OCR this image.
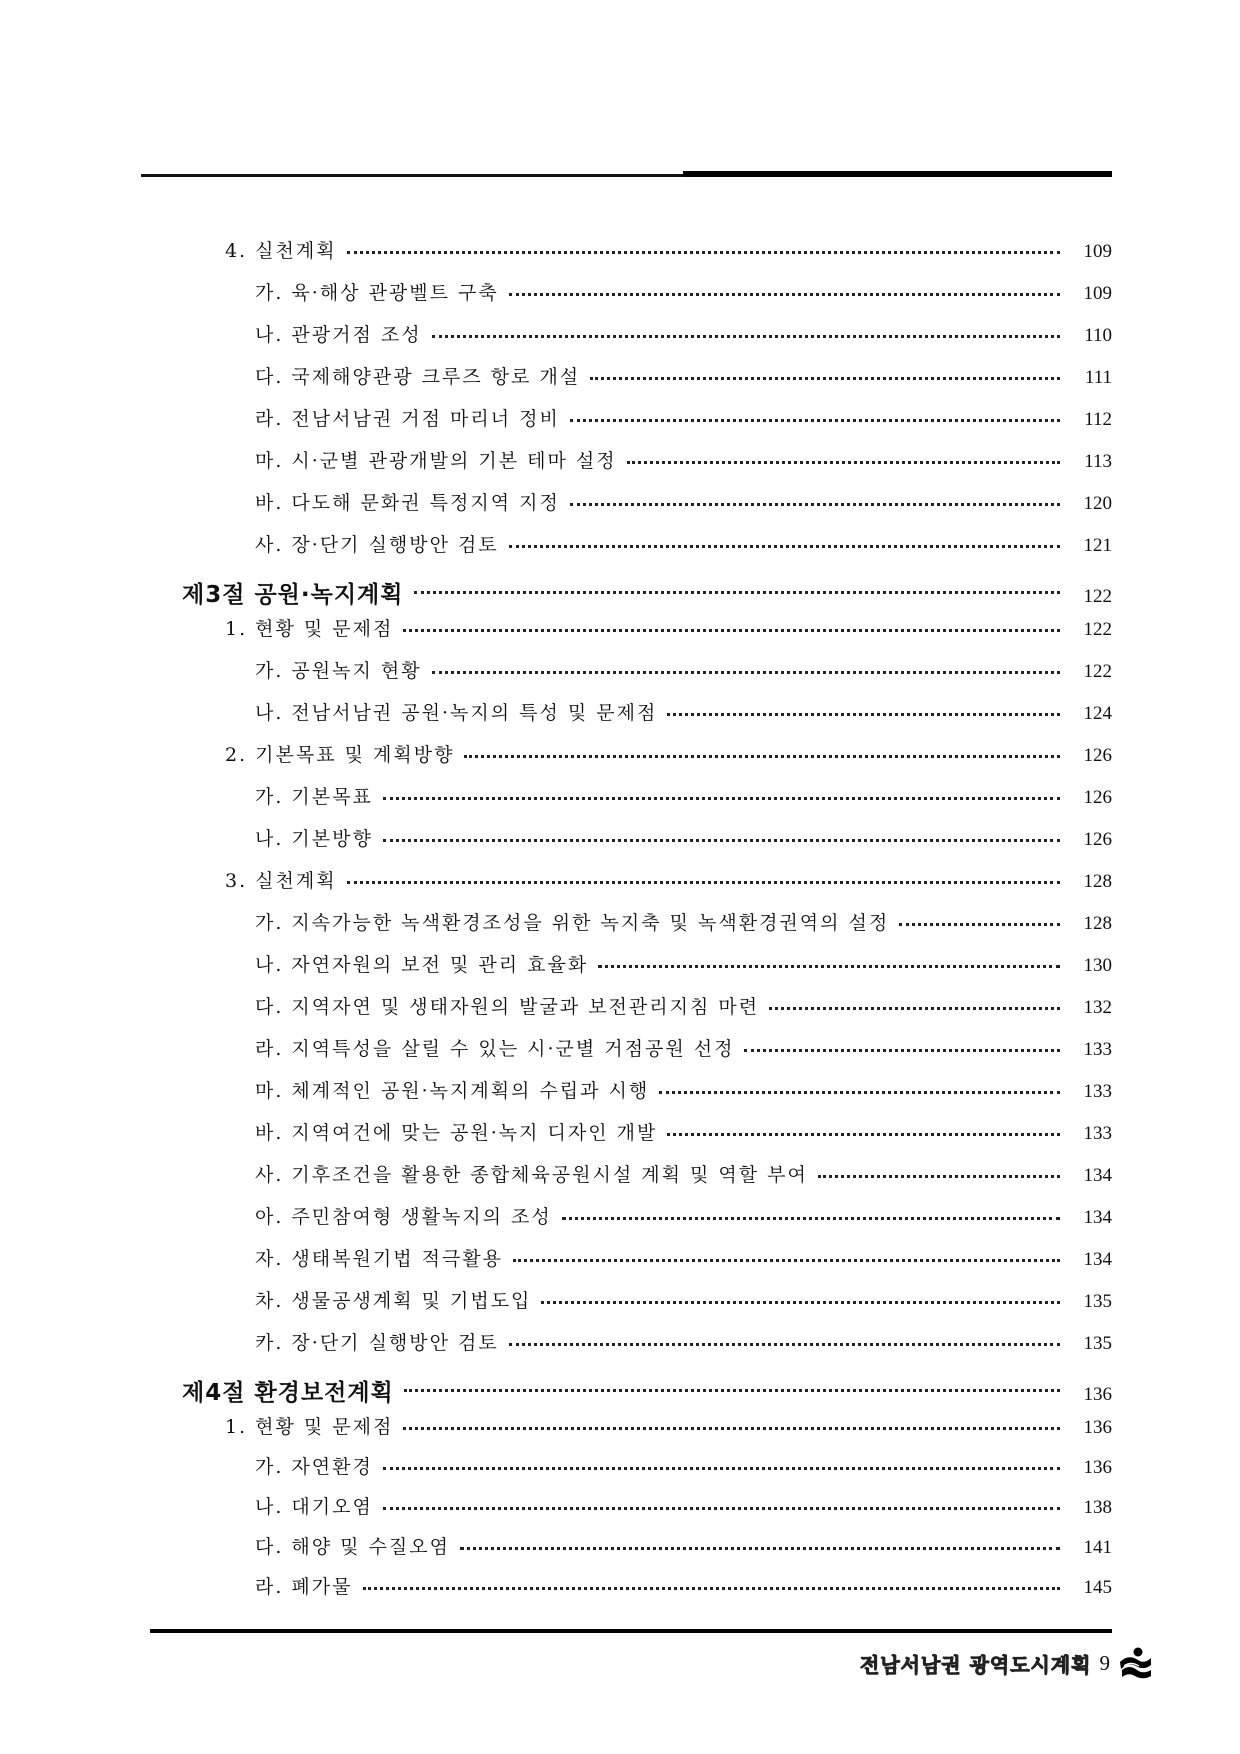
4. 실천계획	109
가. 육·해상 관광벨트 구축	109
나. 관광거점 조성	110
다. 국제해양관광 크루즈 항로 개설	111
라. 전남서남권 거점 마리너 정비	112
마. 시·군별 관광개발의 기본 테마 설정	113
바. 다도해 문화권 특정지역 지정	120
사. 장·단기 실행방안 검토	121
제3절 공원·녹지계획	122
1. 현황 및 문제점	122
가. 공원녹지 현황	122
나. 전남서남권 공원·녹지의 특성 및 문제점	124
2. 기본목표 및 계획방향	126
가. 기본목표	126
나. 기본방향	126
3. 실천계획	128
가. 지속가능한 녹색환경조성을 위한 녹지축 및 녹색환경권역의 설정	128
나. 자연자원의 보전 및 관리 효율화	130
다. 지역자연 및 생태자원의 발굴과 보전관리지침 마련	132
라. 지역특성을 살릴 수 있는 시·군별 거점공원 선정	133
마. 체계적인 공원·녹지계획의 수립과 시행	133
바. 지역여건에 맞는 공원·녹지 디자인 개발	133
사. 기후조건을 활용한 종합체육공원시설 계획 및 역할 부여	134
아. 주민참여형 생활녹지의 조성	134
자. 생태복원기법 적극활용	134
차. 생물공생계획 및 기법도입	135
카. 장·단기 실행방안 검토	135
제4절 환경보전계획	136
1. 현황 및 문제점	136
가. 자연환경	136
나. 대기오염	138
다. 해양 및 수질오염	141
라. 폐가물	145
전남서남권 광역도시계획 9
